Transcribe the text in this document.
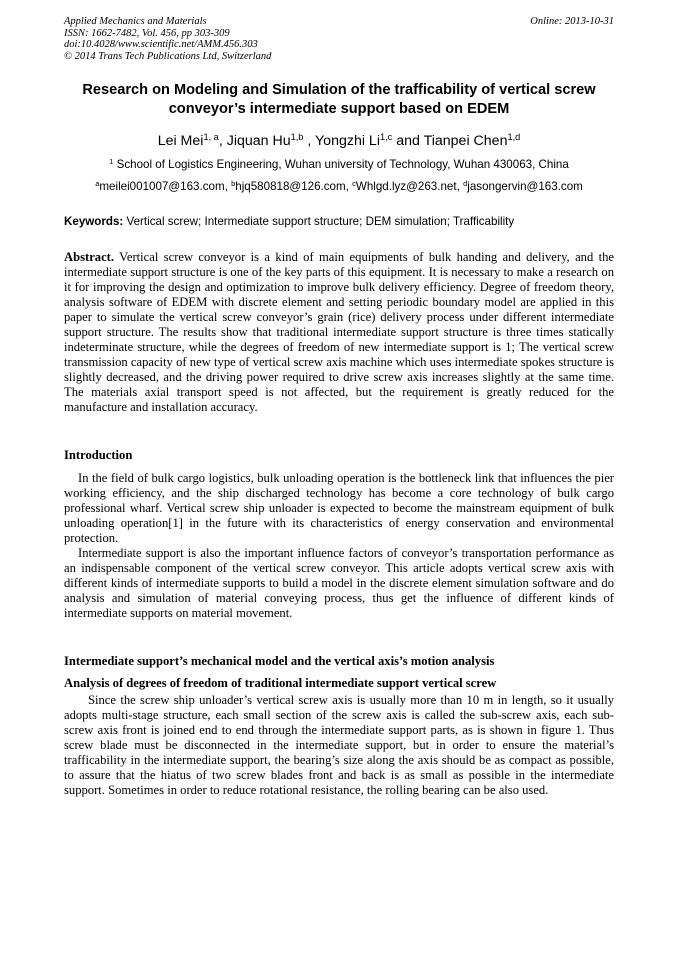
Applied Mechanics and Materials
ISSN: 1662-7482, Vol. 456, pp 303-309
doi:10.4028/www.scientific.net/AMM.456.303
© 2014 Trans Tech Publications Ltd, Switzerland
Online: 2013-10-31
Research on Modeling and Simulation of the trafficability of vertical screw conveyor’s intermediate support based on EDEM
Lei Mei$^{1, a}$, Jiquan Hu$^{1,b}$ , Yongzhi Li$^{1,c}$ and Tianpei Chen$^{1,d}$
$^1$ School of Logistics Engineering, Wuhan university of Technology, Wuhan 430063, China
$^a$meilei001007@163.com, $^b$hjq580818@126.com, $^c$Whlgd.lyz@263.net, $^d$jasongervin@163.com
Keywords: Vertical screw; Intermediate support structure; DEM simulation; Trafficability
Abstract. Vertical screw conveyor is a kind of main equipments of bulk handing and delivery, and the intermediate support structure is one of the key parts of this equipment. It is necessary to make a research on it for improving the design and optimization to improve bulk delivery efficiency. Degree of freedom theory, analysis software of EDEM with discrete element and setting periodic boundary model are applied in this paper to simulate the vertical screw conveyor’s grain (rice) delivery process under different intermediate support structure. The results show that traditional intermediate support structure is three times statically indeterminate structure, while the degrees of freedom of new intermediate support is 1; The vertical screw transmission capacity of new type of vertical screw axis machine which uses intermediate spokes structure is slightly decreased, and the driving power required to drive screw axis increases slightly at the same time. The materials axial transport speed is not affected, but the requirement is greatly reduced for the manufacture and installation accuracy.
Introduction

In the field of bulk cargo logistics, bulk unloading operation is the bottleneck link that influences the pier working efficiency, and the ship discharged technology has become a core technology of bulk cargo professional wharf. Vertical screw ship unloader is expected to become the mainstream equipment of bulk unloading operation[1] in the future with its characteristics of energy conservation and environmental protection.

Intermediate support is also the important influence factors of conveyor’s transportation performance as an indispensable component of the vertical screw conveyor. This article adopts vertical screw axis with different kinds of intermediate supports to build a model in the discrete element simulation software and do analysis and simulation of material conveying process, thus get the influence of different kinds of intermediate supports on material movement.

Intermediate support’s mechanical model and the vertical axis’s motion analysis
Analysis of degrees of freedom of traditional intermediate support vertical screw

Since the screw ship unloader’s vertical screw axis is usually more than 10 m in length, so it usually adopts multi-stage structure, each small section of the screw axis is called the sub-screw axis, each sub-screw axis front is joined end to end through the intermediate support parts, as is shown in figure 1. Thus screw blade must be disconnected in the intermediate support, but in order to ensure the material’s trafficability in the intermediate support, the bearing’s size along the axis should be as compact as possible, to assure that the hiatus of two screw blades front and back is as small as possible in the intermediate support. Sometimes in order to reduce rotational resistance, the rolling bearing can be also used.
